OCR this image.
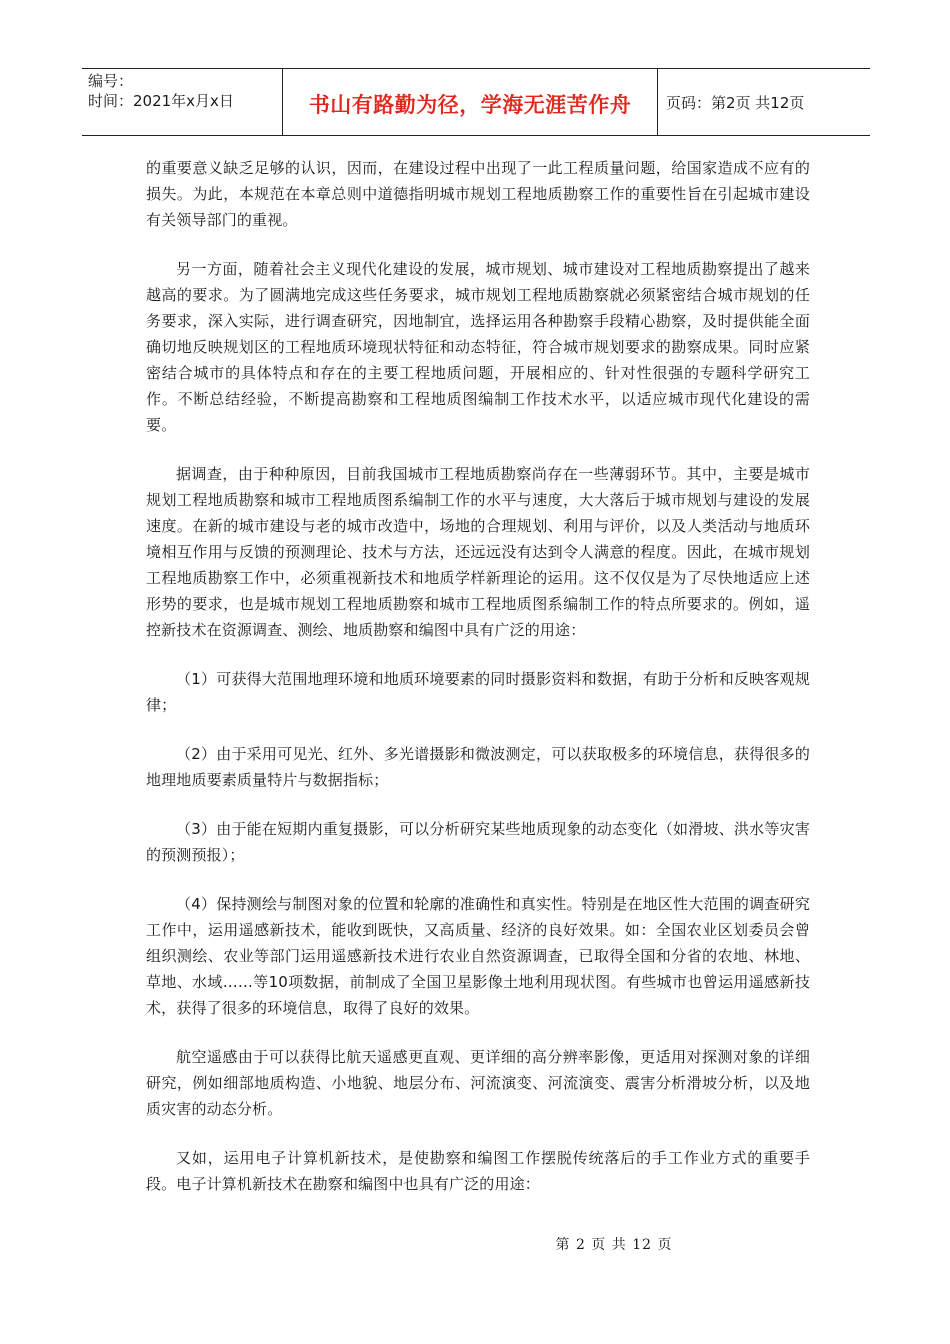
编号：
时间：2021年x月x日	书山有路勤为径，学海无涯苦作舟 页码：第2页 共12页

的重要意义缺乏足够的认识，因而，在建设过程中出现了一此工程质量问题，给国家造成不应有的损失。为此，本规范在本章总则中道德指明城市规划工程地质勘察工作的重要性旨在引起城市建设有关领导部门的重视。

另一方面，随着社会主义现代化建设的发展，城市规划、城市建设对工程地质勘察提出了越来越高的要求。为了圆满地完成这些任务要求，城市规划工程地质勘察就必须紧密结合城市规划的任务要求，深入实际，进行调查研究，因地制宜，选择运用各种勘察手段精心勘察，及时提供能全面确切地反映规划区的工程地质环境现状特征和动态特征，符合城市规划要求的勘察成果。同时应紧密结合城市的具体特点和存在的主要工程地质问题，开展相应的、针对性很强的专题科学研究工作。不断总结经验，不断提高勘察和工程地质图编制工作技术水平，以适应城市现代化建设的需要。

据调查，由于种种原因，目前我国城市工程地质勘察尚存在一些薄弱环节。其中，主要是城市规划工程地质勘察和城市工程地质图系编制工作的水平与速度，大大落后于城市规划与建设的发展速度。在新的城市建设与老的城市改造中，场地的合理规划、利用与评价，以及人类活动与地质环境相互作用与反馈的预测理论、技术与方法，还远远没有达到令人满意的程度。因此，在城市规划工程地质勘察工作中，必须重视新技术和地质学样新理论的运用。这不仅仅是为了尽快地适应上述形势的要求，也是城市规划工程地质勘察和城市工程地质图系编制工作的特点所要求的。例如，遥控新技术在资源调查、测绘、地质勘察和编图中具有广泛的用途：

（1）可获得大范围地理环境和地质环境要素的同时摄影资料和数据，有助于分析和反映客观规律；

（2）由于采用可见光、红外、多光谱摄影和微波测定，可以获取极多的环境信息，获得很多的地理地质要素质量特片与数据指标；

（3）由于能在短期内重复摄影，可以分析研究某些地质现象的动态变化（如滑坡、洪水等灾害的预测预报）；

（4）保持测绘与制图对象的位置和轮廓的准确性和真实性。特别是在地区性大范围的调查研究工作中，运用遥感新技术，能收到既快，又高质量、经济的良好效果。如：全国农业区划委员会曾组织测绘、农业等部门运用遥感新技术进行农业自然资源调查，已取得全国和分省的农地、林地、草地、水域……等10项数据，前制成了全国卫星影像土地利用现状图。有些城市也曾运用遥感新技术，获得了很多的环境信息，取得了良好的效果。

航空遥感由于可以获得比航天遥感更直观、更详细的高分辨率影像，更适用对探测对象的详细研究，例如细部地质构造、小地貌、地层分布、河流演变、河流演变、震害分析滑坡分析，以及地质灾害的动态分析。

又如，运用电子计算机新技术，是使勘察和编图工作摆脱传统落后的手工作业方式的重要手段。电子计算机新技术在勘察和编图中也具有广泛的用途：

第 2 页 共 12 页
